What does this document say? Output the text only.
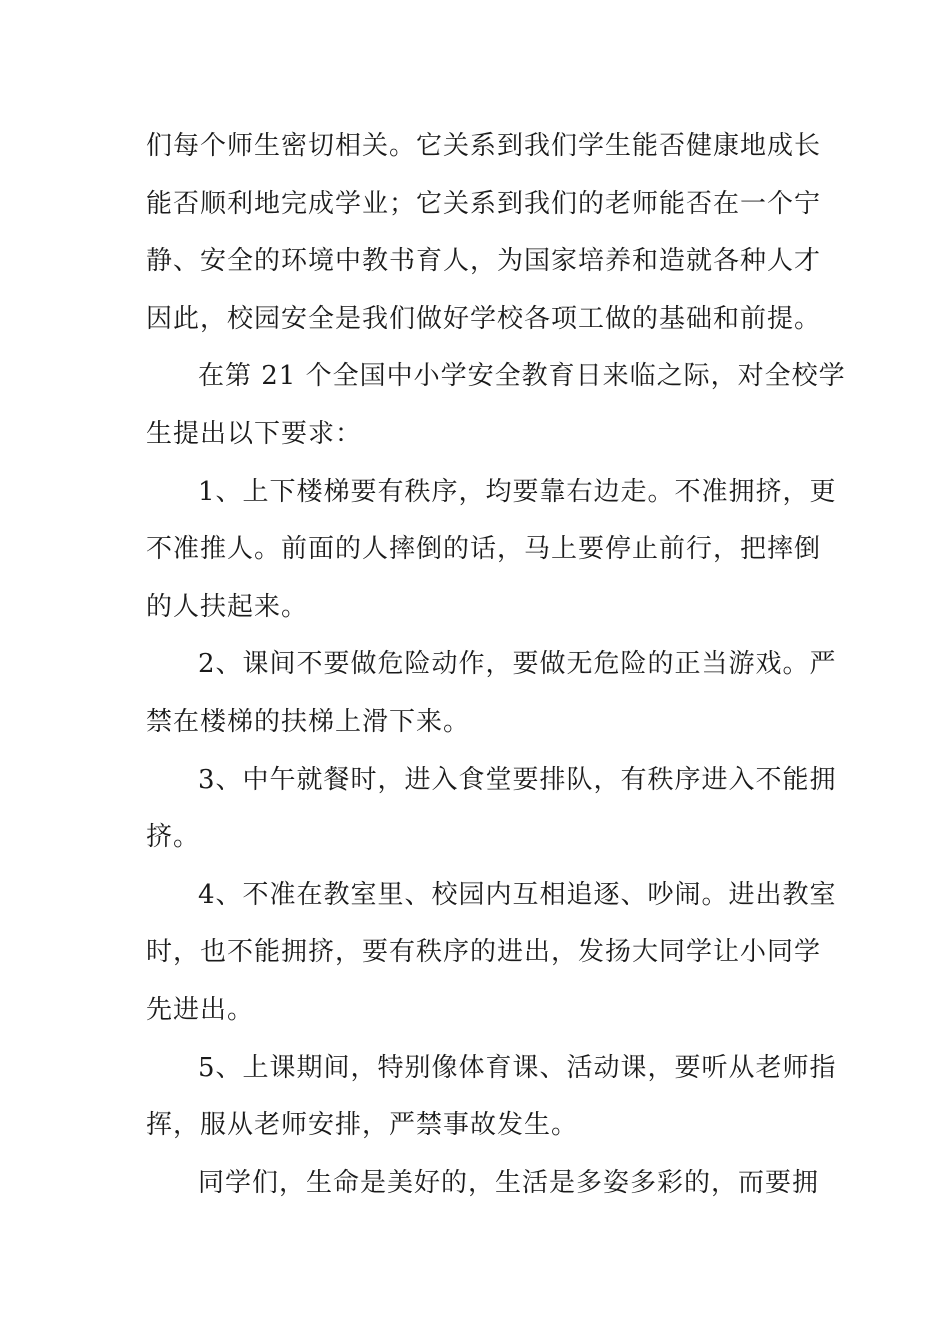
们每个师生密切相关。它关系到我们学生能否健康地成长
能否顺利地完成学业；它关系到我们的老师能否在一个宁
静、安全的环境中教书育人，为国家培养和造就各种人才
因此，校园安全是我们做好学校各项工做的基础和前提。
在第 21 个全国中小学安全教育日来临之际，对全校学
生提出以下要求：
1、上下楼梯要有秩序，均要靠右边走。不准拥挤，更
不准推人。前面的人摔倒的话，马上要停止前行，把摔倒
的人扶起来。
2、课间不要做危险动作，要做无危险的正当游戏。严
禁在楼梯的扶梯上滑下来。
3、中午就餐时，进入食堂要排队，有秩序进入不能拥
挤。
4、不准在教室里、校园内互相追逐、吵闹。进出教室
时，也不能拥挤，要有秩序的进出，发扬大同学让小同学
先进出。
5、上课期间，特别像体育课、活动课，要听从老师指
挥，服从老师安排，严禁事故发生。
同学们，生命是美好的，生活是多姿多彩的，而要拥
